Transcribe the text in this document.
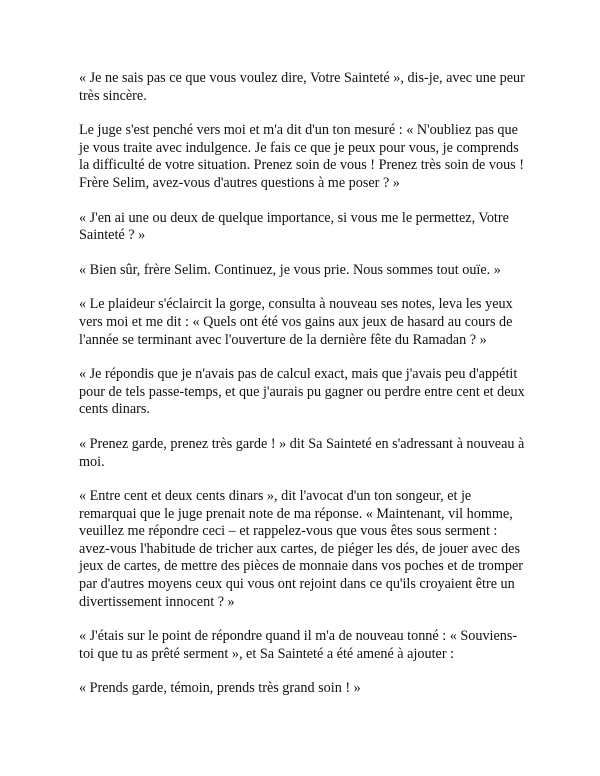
« Je ne sais pas ce que vous voulez dire, Votre Sainteté », dis-je, avec une peur très sincère.

Le juge s'est penché vers moi et m'a dit d'un ton mesuré : « N'oubliez pas que je vous traite avec indulgence. Je fais ce que je peux pour vous, je comprends la difficulté de votre situation. Prenez soin de vous ! Prenez très soin de vous ! Frère Selim, avez-vous d'autres questions à me poser ? »

« J'en ai une ou deux de quelque importance, si vous me le permettez, Votre Sainteté ? »

« Bien sûr, frère Selim. Continuez, je vous prie. Nous sommes tout ouïe. »

« Le plaideur s'éclaircit la gorge, consulta à nouveau ses notes, leva les yeux vers moi et me dit : « Quels ont été vos gains aux jeux de hasard au cours de l'année se terminant avec l'ouverture de la dernière fête du Ramadan ? »

« Je répondis que je n'avais pas de calcul exact, mais que j'avais peu d'appétit pour de tels passe-temps, et que j'aurais pu gagner ou perdre entre cent et deux cents dinars.

« Prenez garde, prenez très garde ! » dit Sa Sainteté en s'adressant à nouveau à moi.

« Entre cent et deux cents dinars », dit l'avocat d'un ton songeur, et je remarquai que le juge prenait note de ma réponse. « Maintenant, vil homme, veuillez me répondre ceci – et rappelez-vous que vous êtes sous serment : avez-vous l'habitude de tricher aux cartes, de piéger les dés, de jouer avec des jeux de cartes, de mettre des pièces de monnaie dans vos poches et de tromper par d'autres moyens ceux qui vous ont rejoint dans ce qu'ils croyaient être un divertissement innocent ? »

« J'étais sur le point de répondre quand il m'a de nouveau tonné : « Souviens-toi que tu as prêté serment », et Sa Sainteté a été amené à ajouter :

« Prends garde, témoin, prends très grand soin ! »
